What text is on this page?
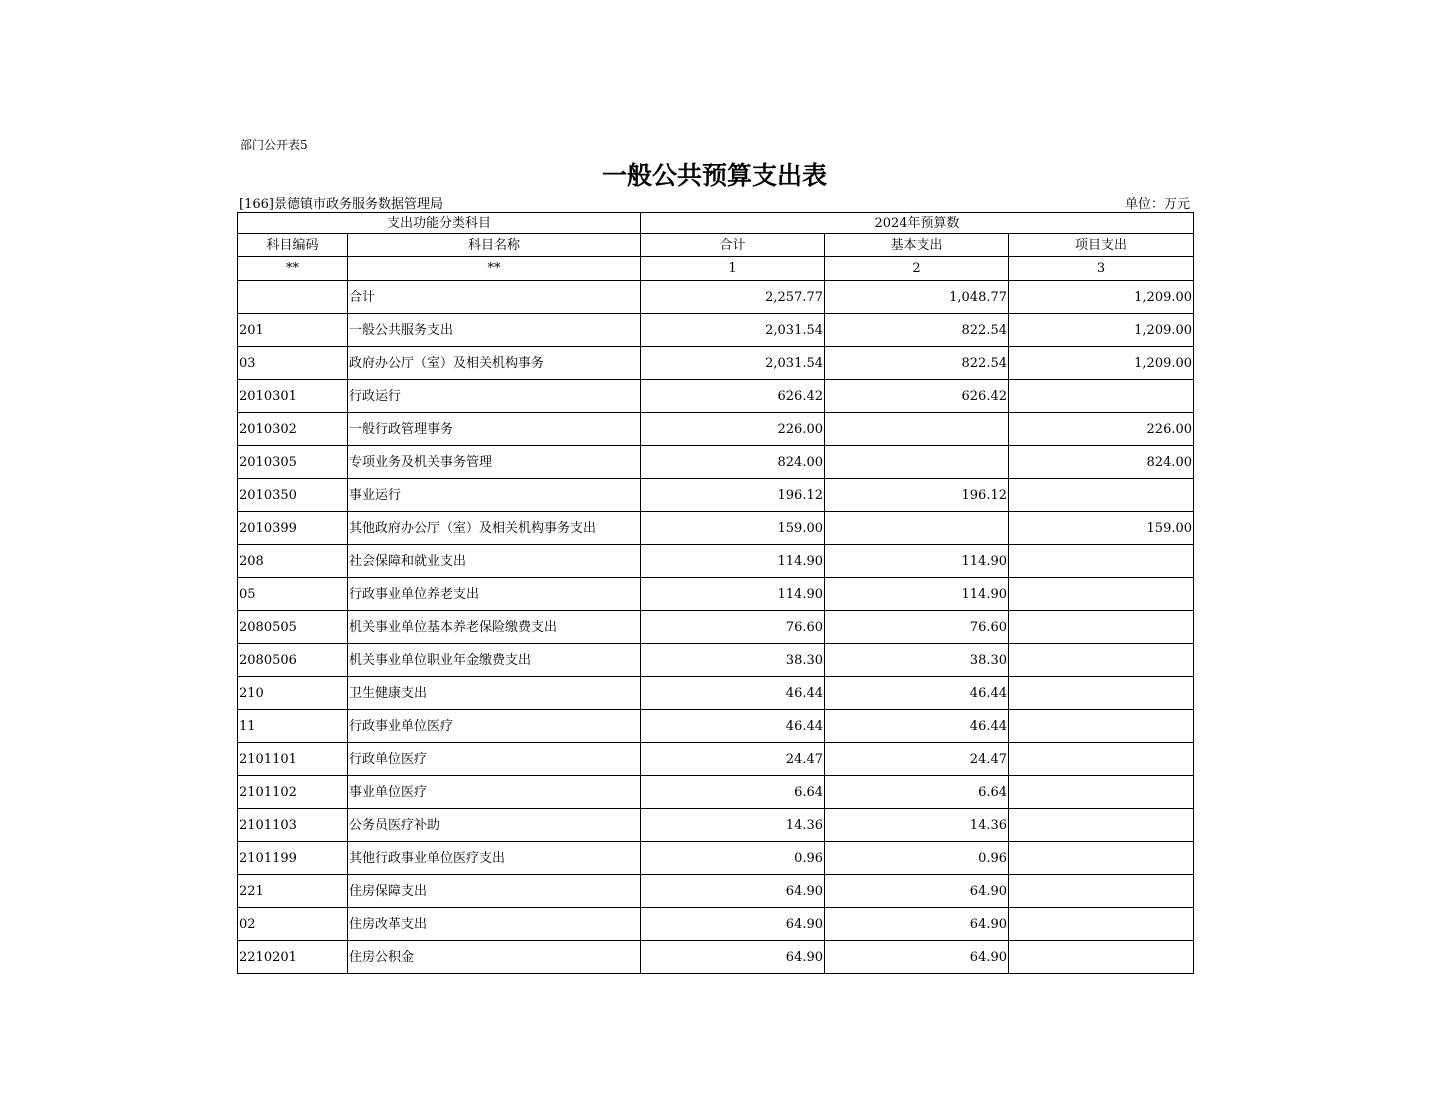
部门公开表5
一般公共预算支出表
[166]景德镇市政务服务数据管理局	单位：万元
支出功能分类科目		2024年预算数		
科目编码	科目名称	合计	基本支出	项目支出
**	**	1	2	3
	合计	2,257.77	1,048.77	1,209.00
201	一般公共服务支出	2,031.54	822.54	1,209.00
03	政府办公厅（室）及相关机构事务	2,031.54	822.54	1,209.00
2010301	行政运行	626.42	626.42	
2010302	一般行政管理事务	226.00		226.00
2010305	专项业务及机关事务管理	824.00		824.00
2010350	事业运行	196.12	196.12	
2010399	其他政府办公厅（室）及相关机构事务支出	159.00		159.00
208	社会保障和就业支出	114.90	114.90	
05	行政事业单位养老支出	114.90	114.90	
2080505	机关事业单位基本养老保险缴费支出	76.60	76.60	
2080506	机关事业单位职业年金缴费支出	38.30	38.30	
210	卫生健康支出	46.44	46.44	
11	行政事业单位医疗	46.44	46.44	
2101101	行政单位医疗	24.47	24.47	
2101102	事业单位医疗	6.64	6.64	
2101103	公务员医疗补助	14.36	14.36	
2101199	其他行政事业单位医疗支出	0.96	0.96	
221	住房保障支出	64.90	64.90	
02	住房改革支出	64.90	64.90	
2210201	住房公积金	64.90	64.90	
